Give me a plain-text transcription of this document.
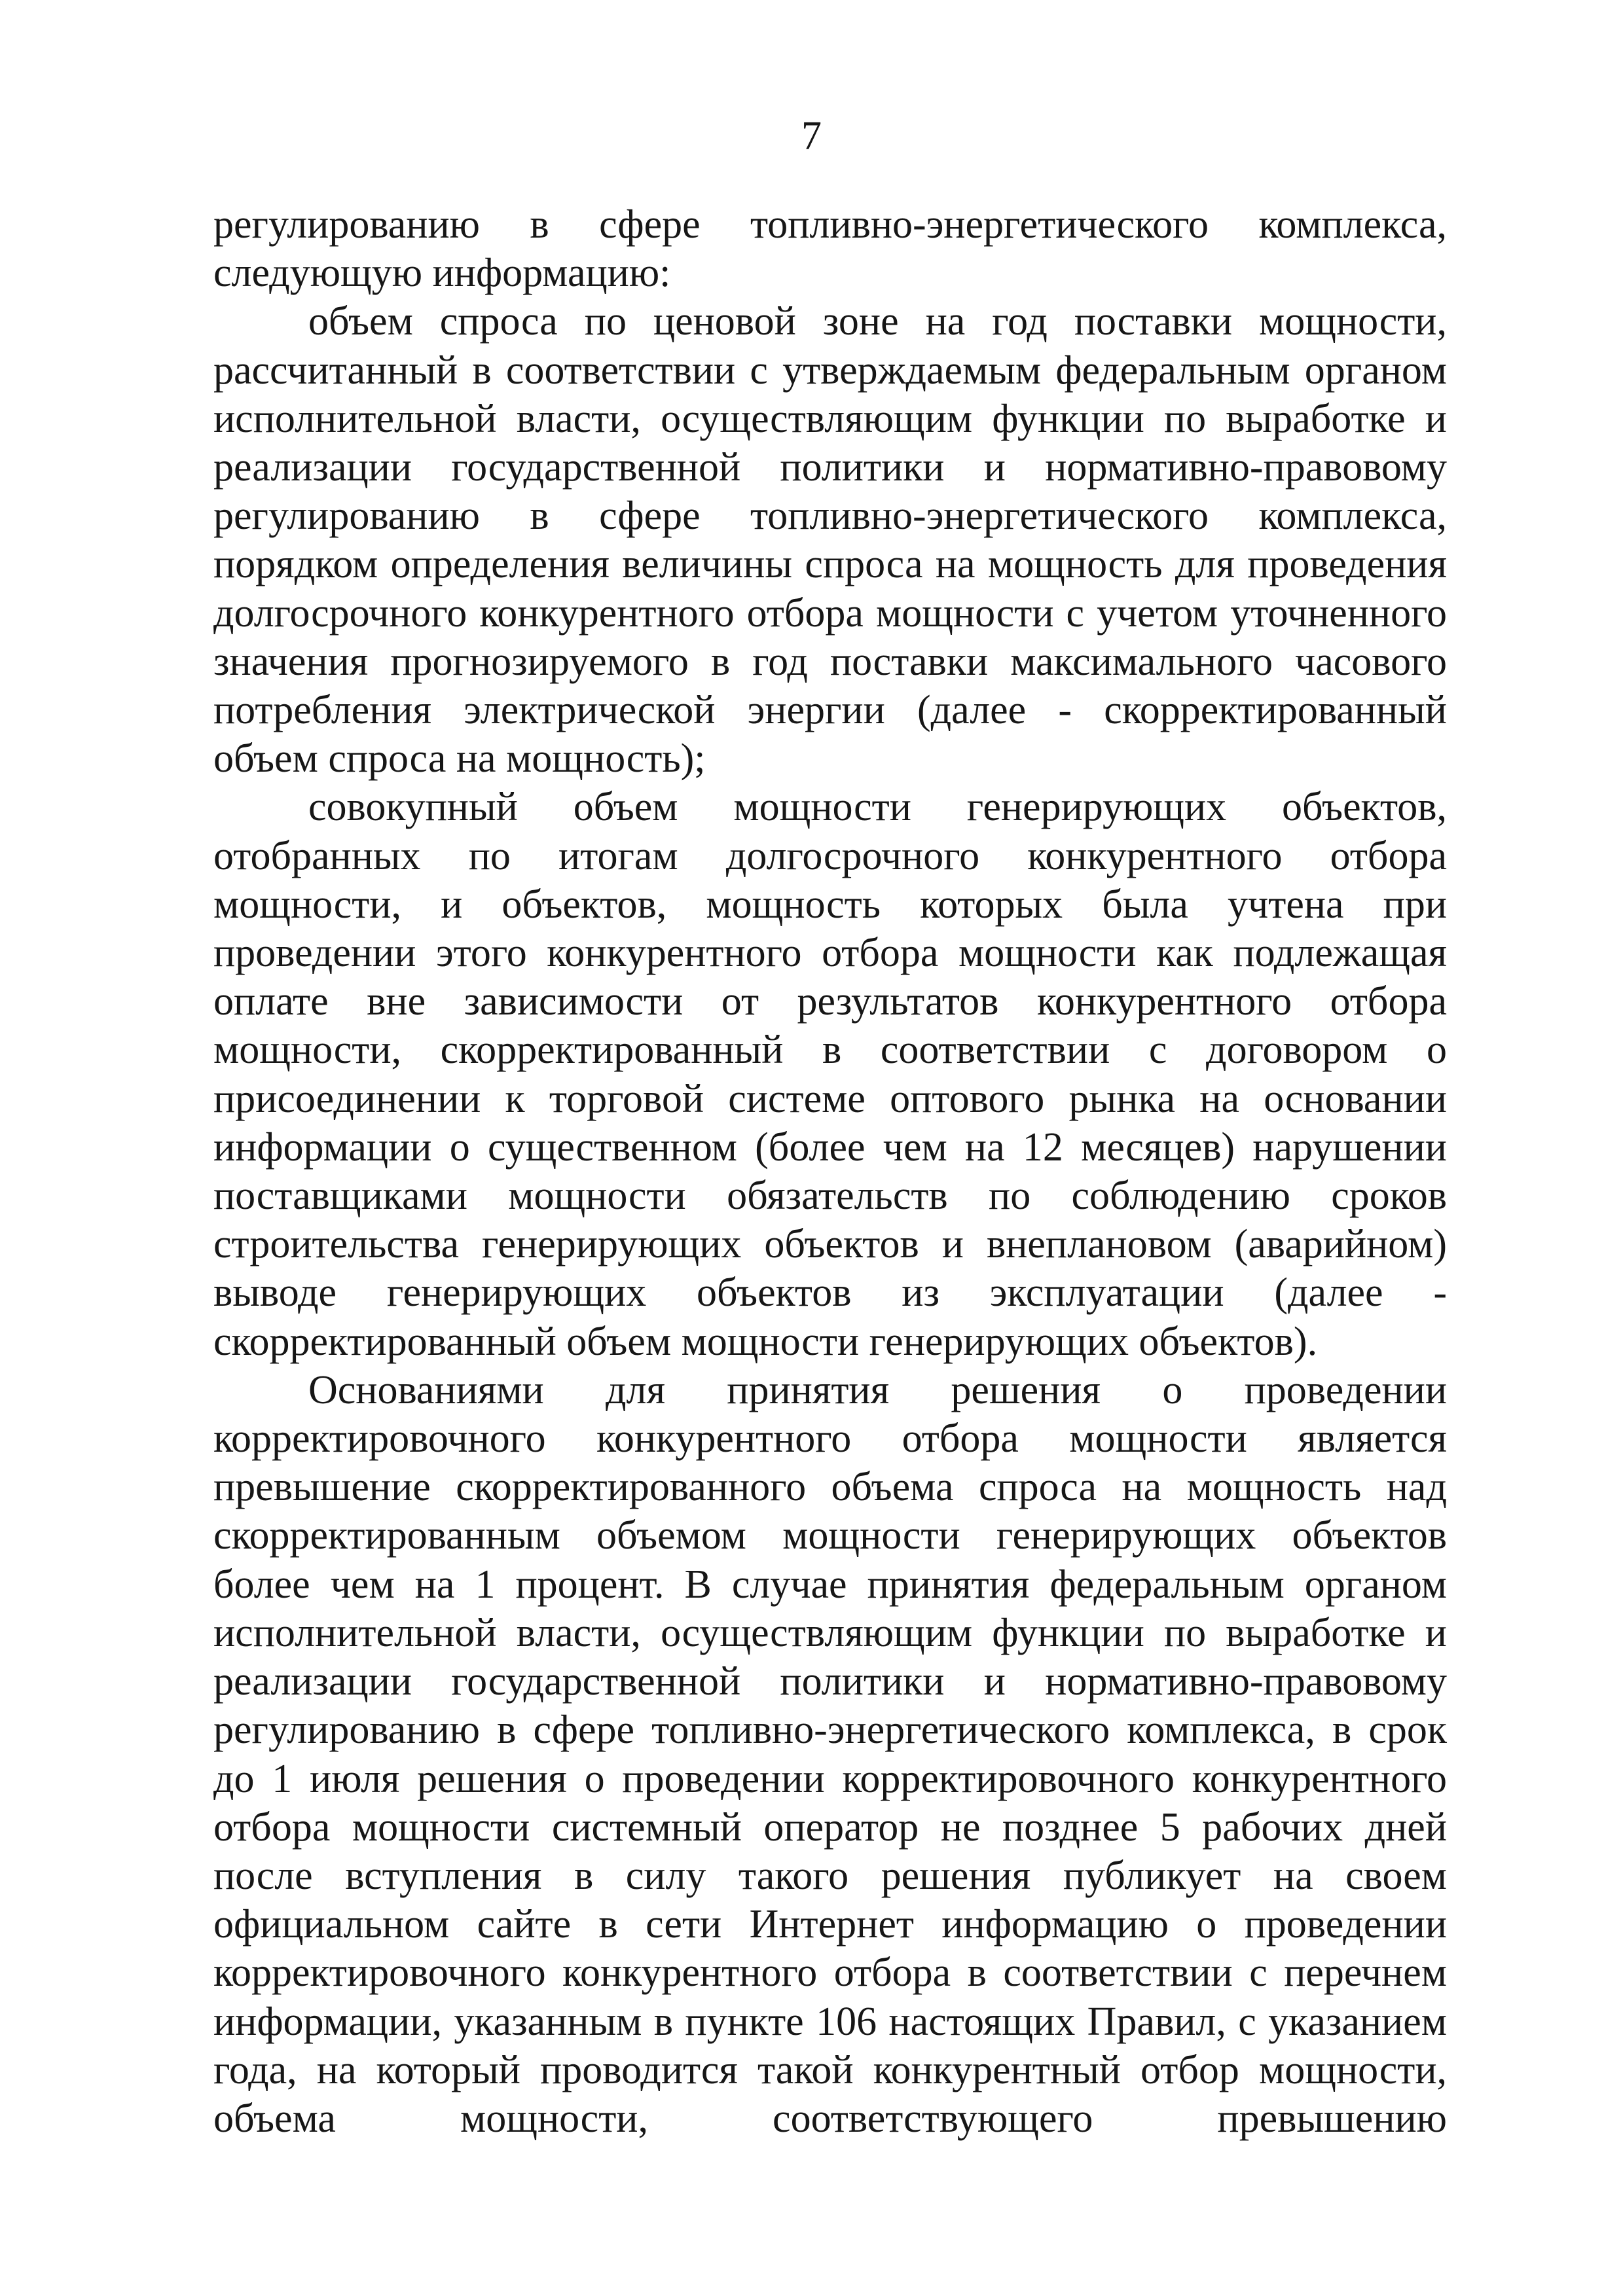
7

регулированию в сфере топливно-энергетического комплекса, следующую информацию:

объем спроса по ценовой зоне на год поставки мощности, рассчитанный в соответствии с утверждаемым федеральным органом исполнительной власти, осуществляющим функции по выработке и реализации государственной политики и нормативно-правовому регулированию в сфере топливно-энергетического комплекса, порядком определения величины спроса на мощность для проведения долгосрочного конкурентного отбора мощности с учетом уточненного значения прогнозируемого в год поставки максимального часового потребления электрической энергии (далее - скорректированный объем спроса на мощность);

совокупный объем мощности генерирующих объектов, отобранных по итогам долгосрочного конкурентного отбора мощности, и объектов, мощность которых была учтена при проведении этого конкурентного отбора мощности как подлежащая оплате вне зависимости от результатов конкурентного отбора мощности, скорректированный в соответствии с договором о присоединении к торговой системе оптового рынка на основании информации о существенном (более чем на 12 месяцев) нарушении поставщиками мощности обязательств по соблюдению сроков строительства генерирующих объектов и внеплановом (аварийном) выводе генерирующих объектов из эксплуатации (далее - скорректированный объем мощности генерирующих объектов).

Основаниями для принятия решения о проведении корректировочного конкурентного отбора мощности является превышение скорректированного объема спроса на мощность над скорректированным объемом мощности генерирующих объектов более чем на 1 процент. В случае принятия федеральным органом исполнительной власти, осуществляющим функции по выработке и реализации государственной политики и нормативно-правовому регулированию в сфере топливно-энергетического комплекса, в срок до 1 июля решения о проведении корректировочного конкурентного отбора мощности системный оператор не позднее 5 рабочих дней после вступления в силу такого решения публикует на своем официальном сайте в сети Интернет информацию о проведении корректировочного конкурентного отбора в соответствии с перечнем информации, указанным в пункте 106 настоящих Правил, с указанием года, на который проводится такой конкурентный отбор мощности, объема мощности, соответствующего превышению
